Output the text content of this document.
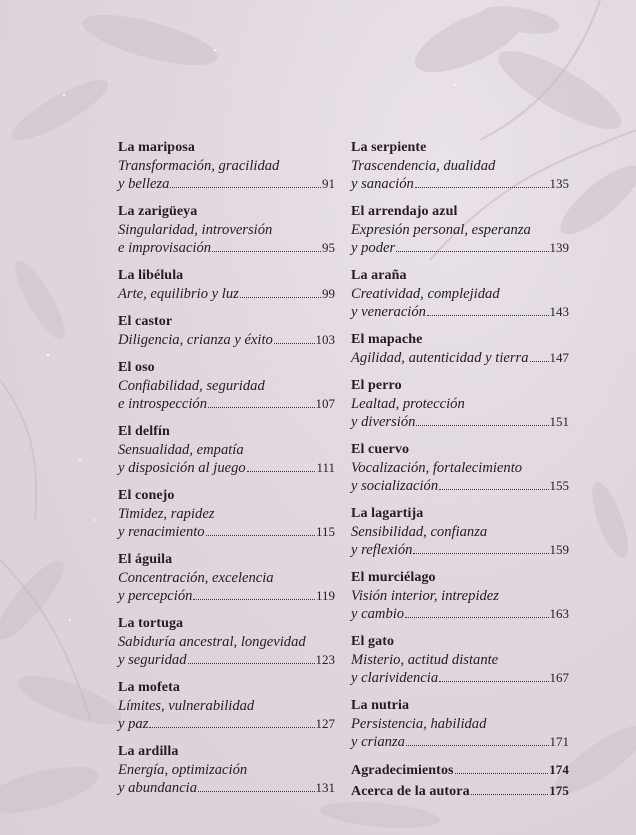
La mariposa
Transformación, gracilidad
y belleza	91
La zarigüeya
Singularidad, introversión
e improvisación	95
La libélula
Arte, equilibrio y luz	99
El castor
Diligencia, crianza y éxito	103
El oso
Confiabilidad, seguridad
e introspección	107
El delfín
Sensualidad, empatía
y disposición al juego	111
El conejo
Timidez, rapidez
y renacimiento	115
El águila
Concentración, excelencia
y percepción	119
La tortuga
Sabiduría ancestral, longevidad
y seguridad	123
La mofeta
Límites, vulnerabilidad
y paz	127
La ardilla
Energía, optimización
y abundancia	131
La serpiente
Trascendencia, dualidad
y sanación	135
El arrendajo azul
Expresión personal, esperanza
y poder	139
La araña
Creatividad, complejidad
y veneración	143
El mapache
Agilidad, autenticidad y tierra 147
El perro
Lealtad, protección
y diversión	151
El cuervo
Vocalización, fortalecimiento
y socialización	155
La lagartija
Sensibilidad, confianza
y reflexión	159
El murciélago
Visión interior, intrepidez
y cambio	163
El gato
Misterio, actitud distante
y clarividencia	167
La nutria
Persistencia, habilidad
y crianza	171
Agradecimientos	174
Acerca de la autora	175
